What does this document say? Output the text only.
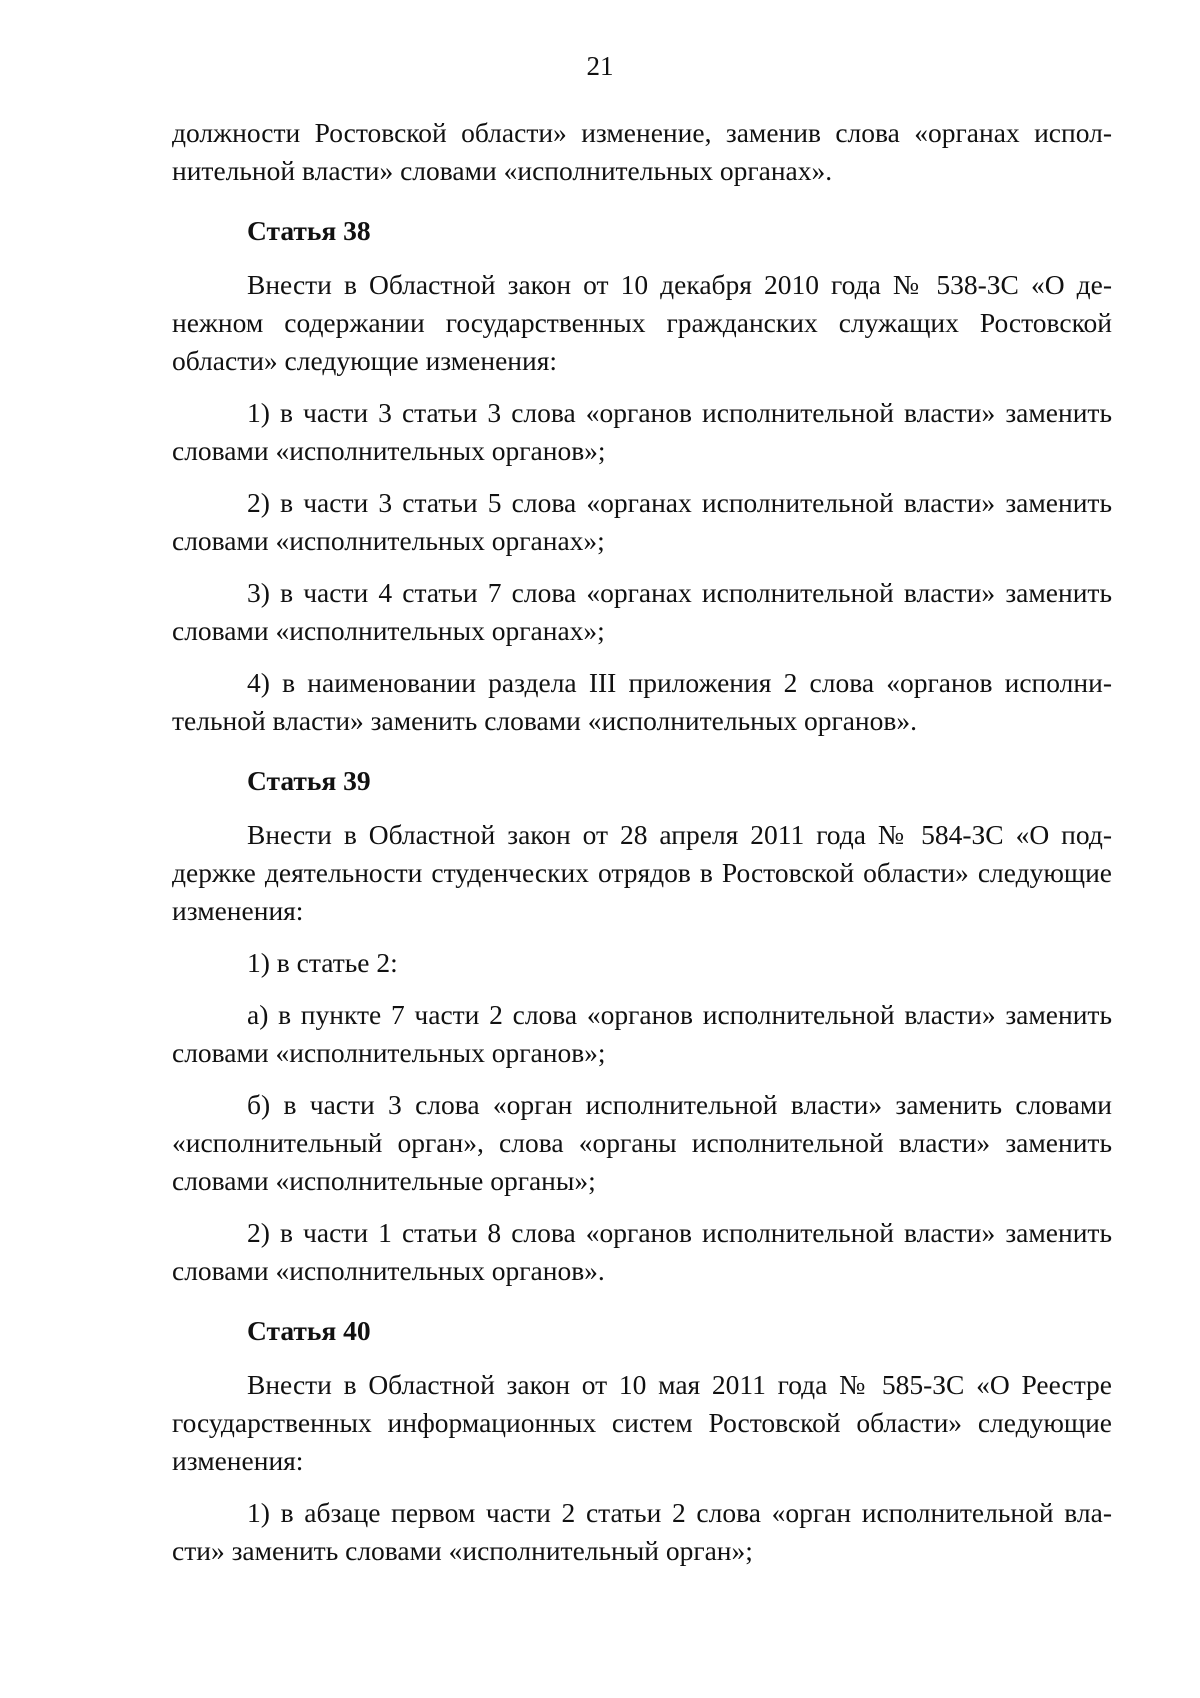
21

должности Ростовской области» изменение, заменив слова «органах исполнительной власти» словами «исполнительных органах».

Статья 38

Внести в Областной закон от 10 декабря 2010 года № 538-ЗС «О денежном содержании государственных гражданских служащих Ростовской области» следующие изменения:

1) в части 3 статьи 3 слова «органов исполнительной власти» заменить словами «исполнительных органов»;

2) в части 3 статьи 5 слова «органах исполнительной власти» заменить словами «исполнительных органах»;

3) в части 4 статьи 7 слова «органах исполнительной власти» заменить словами «исполнительных органах»;

4) в наименовании раздела III приложения 2 слова «органов исполнительной власти» заменить словами «исполнительных органов».

Статья 39

Внести в Областной закон от 28 апреля 2011 года № 584-ЗС «О поддержке деятельности студенческих отрядов в Ростовской области» следующие изменения:

1) в статье 2:

а) в пункте 7 части 2 слова «органов исполнительной власти» заменить словами «исполнительных органов»;

б) в части 3 слова «орган исполнительной власти» заменить словами «исполнительный орган», слова «органы исполнительной власти» заменить словами «исполнительные органы»;

2) в части 1 статьи 8 слова «органов исполнительной власти» заменить словами «исполнительных органов».

Статья 40

Внести в Областной закон от 10 мая 2011 года № 585-ЗС «О Реестре государственных информационных систем Ростовской области» следующие изменения:

1) в абзаце первом части 2 статьи 2 слова «орган исполнительной власти» заменить словами «исполнительный орган»;
